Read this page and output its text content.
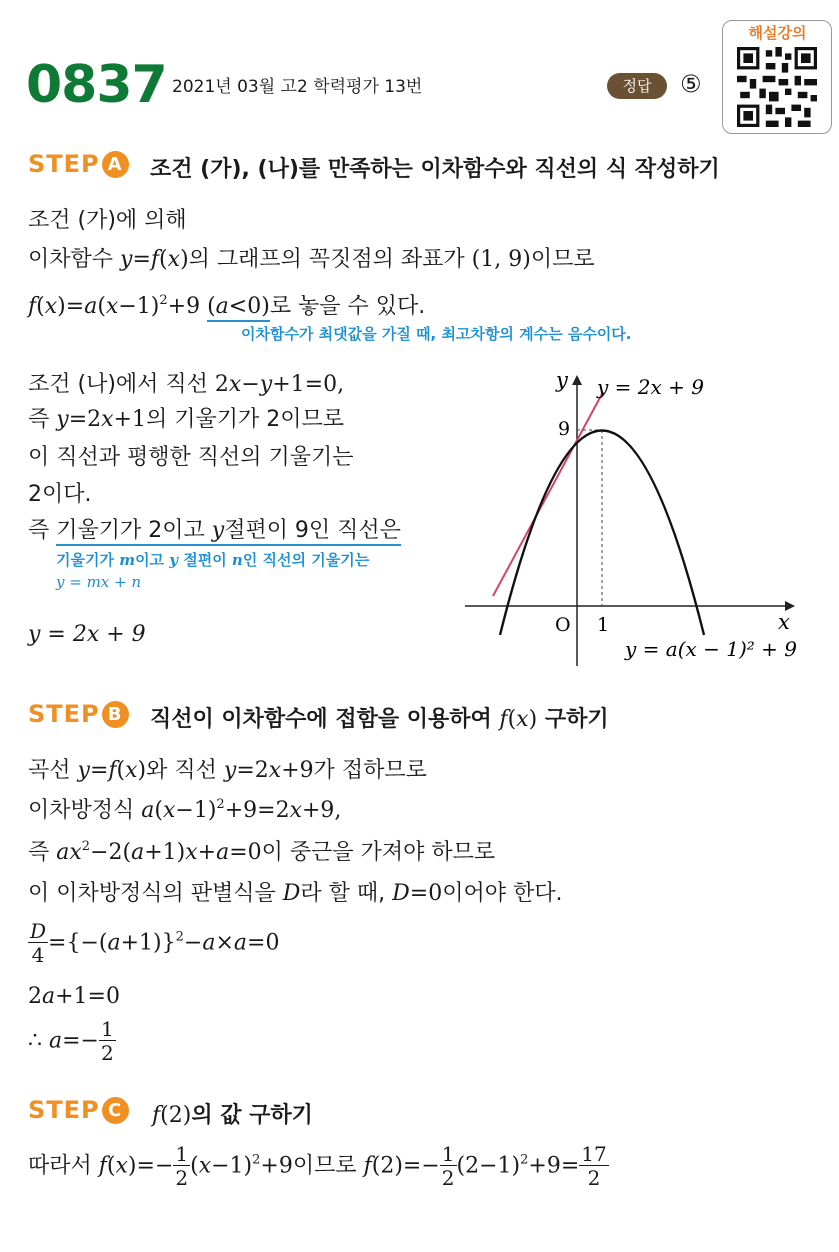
0837 2021년 03월 고2 학력평가 13번	정답	⑤
해설강의
STEP A 조건 (가), (나)를 만족하는 이차함수와 직선의 식 작성하기
조건 (가)에 의해
이차함수 y=f(x)의 그래프의 꼭짓점의 좌표가 (1, 9)이므로
$f(x)=a(x-1)^2+9$ (a<0)로 놓을 수 있다.
이차함수가 최댓값을 가질 때, 최고차항의 계수는 음수이다.
조건 (나)에서 직선 2x−y+1=0,
즉 y=2x+1의 기울기가 2이므로
이 직선과 평행한 직선의 기울기는
2이다.
즉 기울기가 2이고 y절편이 9인 직선은
기울기가 m이고 y 절편이 n인 직선의 기울기는
y = mx + n
y = 2x + 9
y y = 2x + 9
9
x
O 1
y = a(x − 1)² + 9
STEP B 직선이 이차함수에 접함을 이용하여 f(x) 구하기
곡선 y=f(x)와 직선 y=2x+9가 접하므로
이차방정식 $a(x-1)^2+9=2x+9$,
즉 $ax^2-2(a+1)x+a=0$이 중근을 가져야 하므로
이 이차방정식의 판별식을 D라 할 때, D=0이어야 한다.
$\frac{D}{4} =\{-(a+1)\}^2-a\times a=0$
2a+1=0
∴ $a=- \frac{1}{2}$
STEP C f(2)의 값 구하기
따라서 $f(x)=- \frac{1}{2} (x-1)^2+9$이므로 $f(2)=- \frac{1}{2} (2-1)^2+9= \frac{17}{2}$
